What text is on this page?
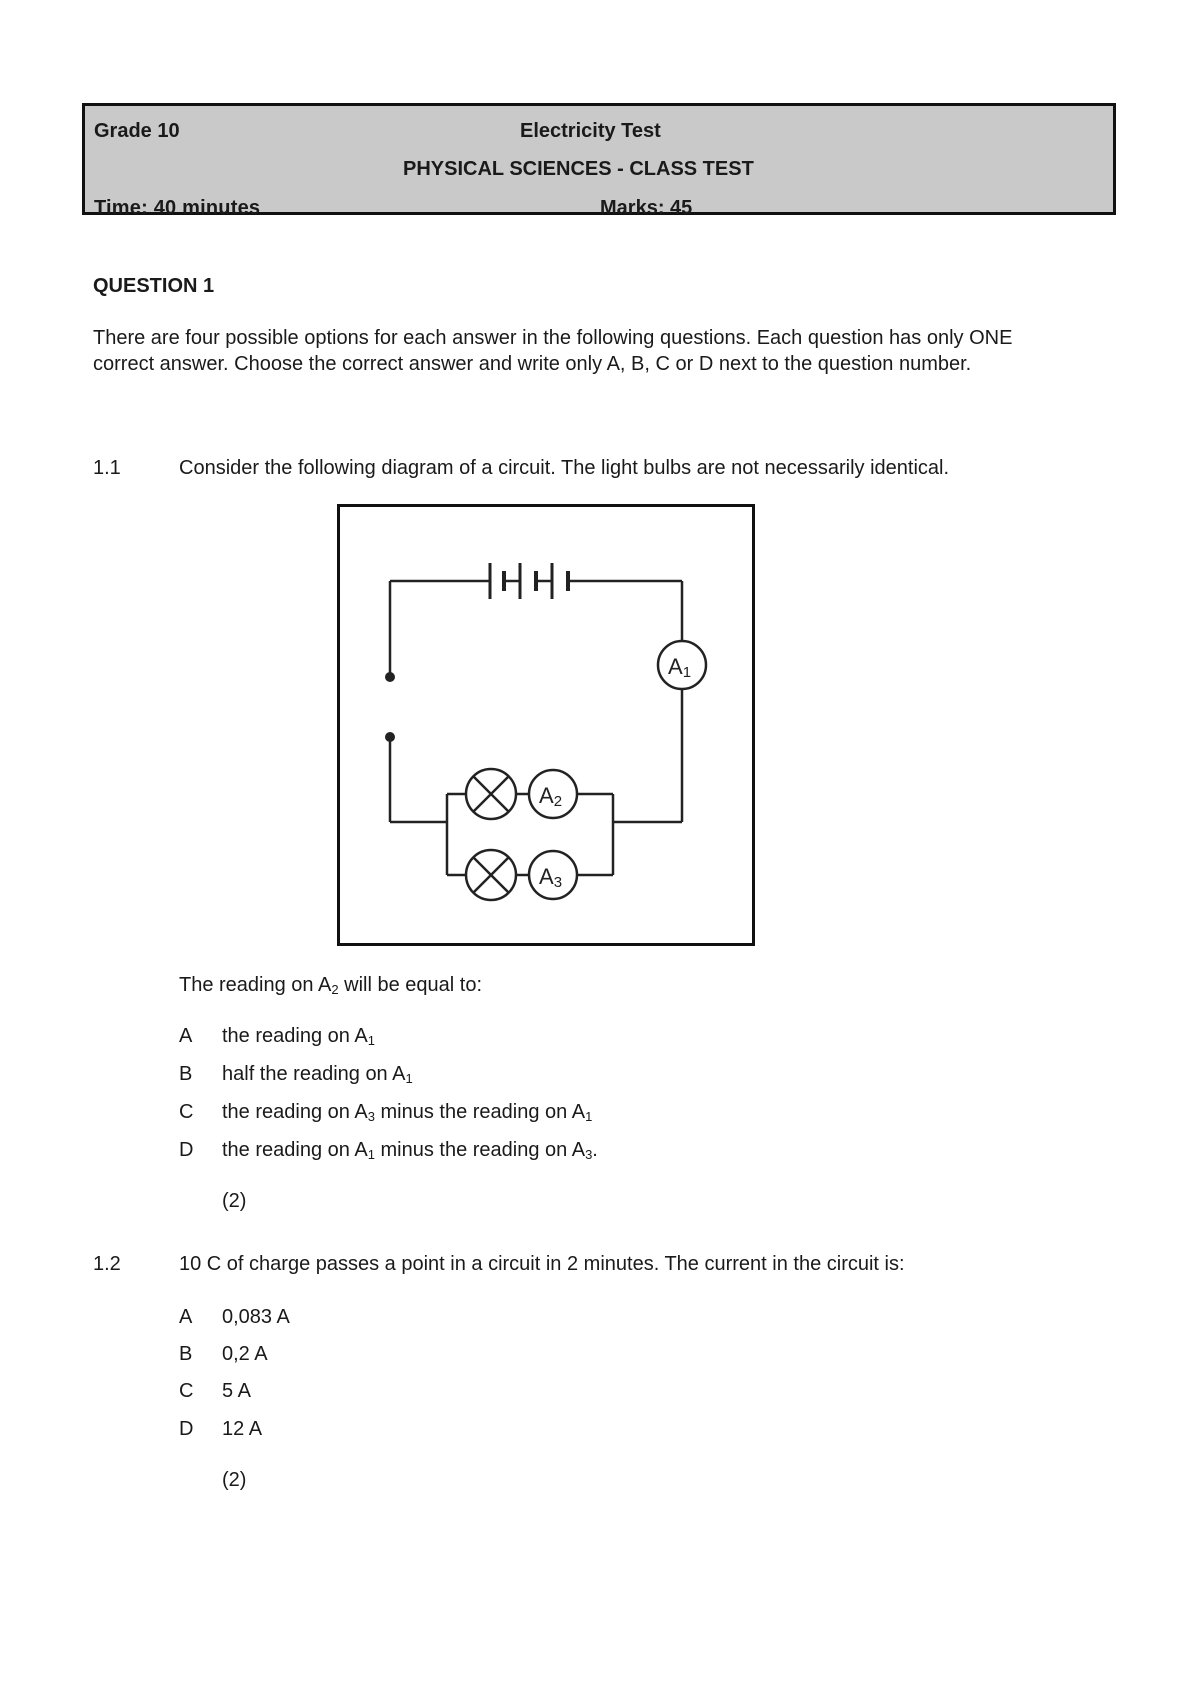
Grade 10	Electricity Test
PHYSICAL SCIENCES - CLASS TEST
Time: 40 minutes	Marks: 45
QUESTION 1
There are four possible options for each answer in the following questions. Each question has only ONE correct answer. Choose the correct answer and write only A, B, C or D next to the question number.
1.1	Consider the following diagram of a circuit. The light bulbs are not necessarily identical.
A1
A2
A3
The reading on $A_2$ will be equal to:
A the reading on $A_1$
B half the reading on $A_1$
C the reading on $A_3$ minus the reading on $A_1$
D the reading on $A_1$ minus the reading on $A_3$.
(2)
1.2	10 C of charge passes a point in a circuit in 2 minutes. The current in the circuit is:
A 0,083 A
B 0,2 A
C 5 A
D 12 A
(2)
